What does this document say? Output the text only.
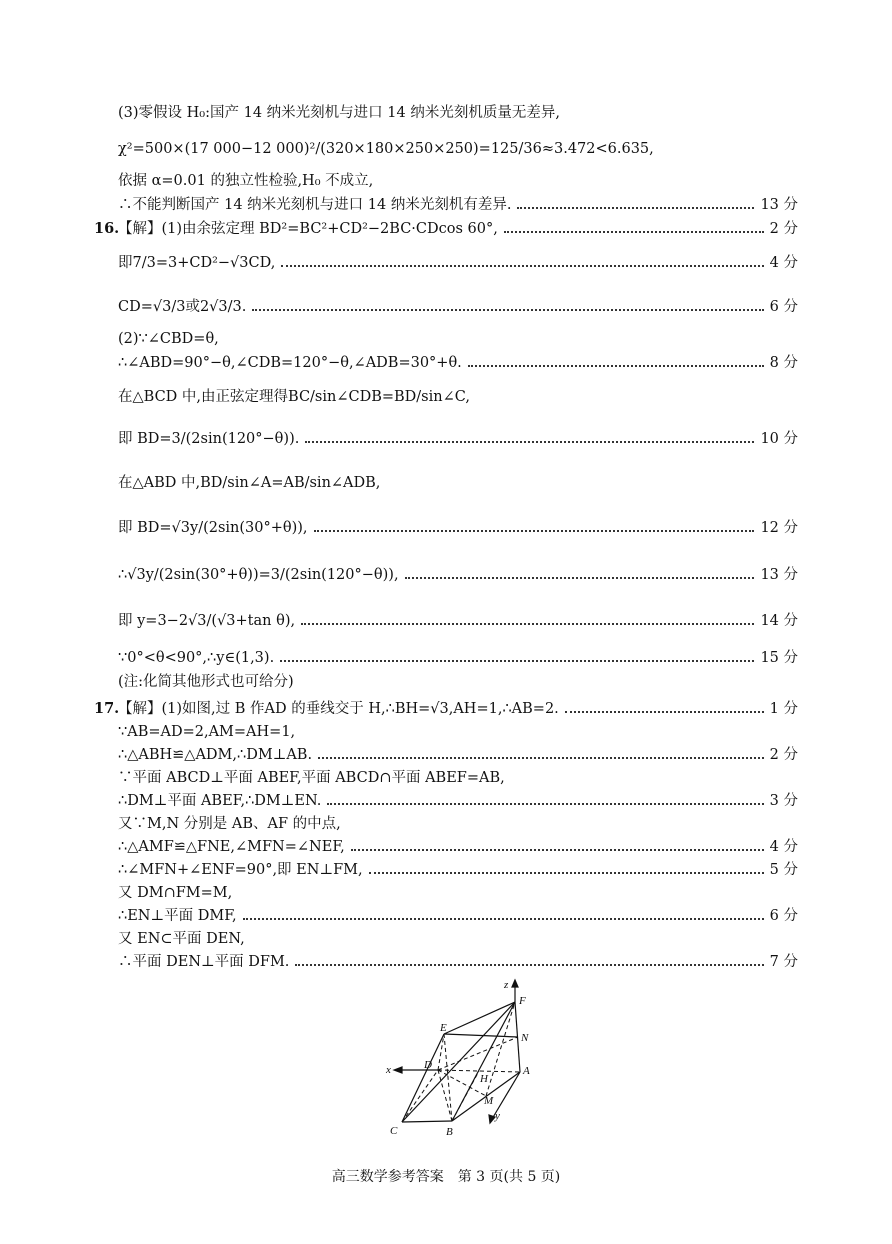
(3)零假设 H₀:国产 14 纳米光刻机与进口 14 纳米光刻机质量无差异,
χ²=500×(17 000−12 000)²/(320×180×250×250)=125/36≈3.472<6.635,
依据 α=0.01 的独立性检验,H₀ 不成立,
∴不能判断国产 14 纳米光刻机与进口 14 纳米光刻机有差异.	13 分
16.
【解】(1)由余弦定理 BD²=BC²+CD²−2BC·CDcos 60°,	2 分
即7/3=3+CD²−√3CD,	4 分
CD=√3/3或2√3/3.	6 分
(2)∵∠CBD=θ,
∴∠ABD=90°−θ,∠CDB=120°−θ,∠ADB=30°+θ.	8 分
在△BCD 中,由正弦定理得BC/sin∠CDB=BD/sin∠C,
即 BD=3/(2sin(120°−θ)).	10 分
在△ABD 中,BD/sin∠A=AB/sin∠ADB,
即 BD=√3y/(2sin(30°+θ)),	12 分
∴√3y/(2sin(30°+θ))=3/(2sin(120°−θ)),	13 分
即 y=3−2√3/(√3+tan θ),	14 分
∵0°<θ<90°,∴y∈(1,3).	15 分
(注:化简其他形式也可给分)
17.
【解】(1)如图,过 B 作AD 的垂线交于 H,∴BH=√3,AH=1,∴AB=2.	1 分
∵AB=AD=2,AM=AH=1,
∴△ABH≌△ADM,∴DM⊥AB.	2 分
∵平面 ABCD⊥平面 ABEF,平面 ABCD∩平面 ABEF=AB,
∴DM⊥平面 ABEF,∴DM⊥EN.	3 分
又∵M,N 分别是 AB、AF 的中点,
∴△AMF≌△FNE,∠MFN=∠NEF,	4 分
∴∠MFN+∠ENF=90°,即 EN⊥FM,	5 分
又 DM∩FM=M,
∴EN⊥平面 DMF,	6 分
又 EN⊂平面 DEN,
∴平面 DEN⊥平面 DFM.	7 分
z
F
N
E
D
x
H
A
M
y
C	B
高三数学参考答案　第 3 页(共 5 页)
